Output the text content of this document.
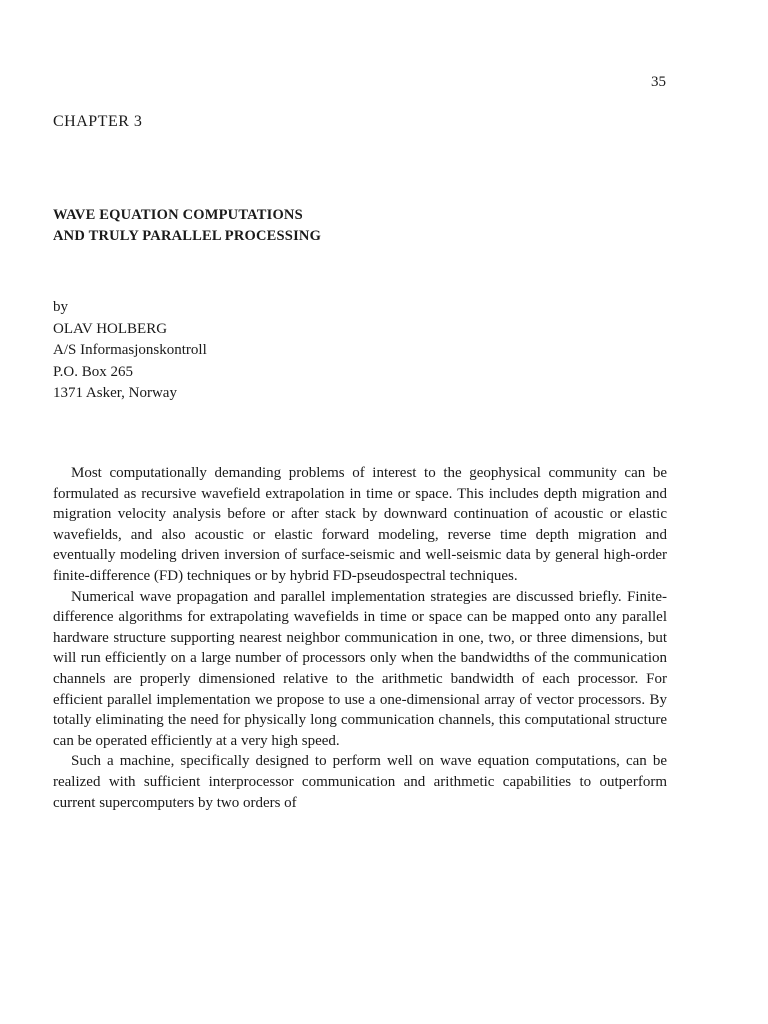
35
CHAPTER 3
WAVE EQUATION COMPUTATIONS
AND TRULY PARALLEL PROCESSING
by
OLAV HOLBERG
A/S Informasjonskontroll
P.O. Box 265
1371 Asker, Norway

Most computationally demanding problems of interest to the geophysical community can be formulated as recursive wavefield extrapolation in time or space. This includes depth migration and migration velocity analysis before or after stack by downward continuation of acoustic or elastic wavefields, and also acoustic or elastic forward modeling, reverse time depth migration and eventually modeling driven inversion of surface-seismic and well-seismic data by general high-order finite-difference (FD) techniques or by hybrid FD-pseudospectral techniques.

Numerical wave propagation and parallel implementation strategies are discussed briefly. Finite-difference algorithms for extrapolating wavefields in time or space can be mapped onto any parallel hardware structure supporting nearest neighbor communication in one, two, or three dimensions, but will run efficiently on a large number of processors only when the bandwidths of the communication channels are properly dimensioned relative to the arithmetic bandwidth of each processor. For efficient parallel implementation we propose to use a one-dimensional array of vector processors. By totally eliminating the need for physically long communication channels, this computational structure can be operated efficiently at a very high speed.

Such a machine, specifically designed to perform well on wave equation computations, can be realized with sufficient interprocessor communication and arithmetic capabilities to outperform current supercomputers by two orders of
